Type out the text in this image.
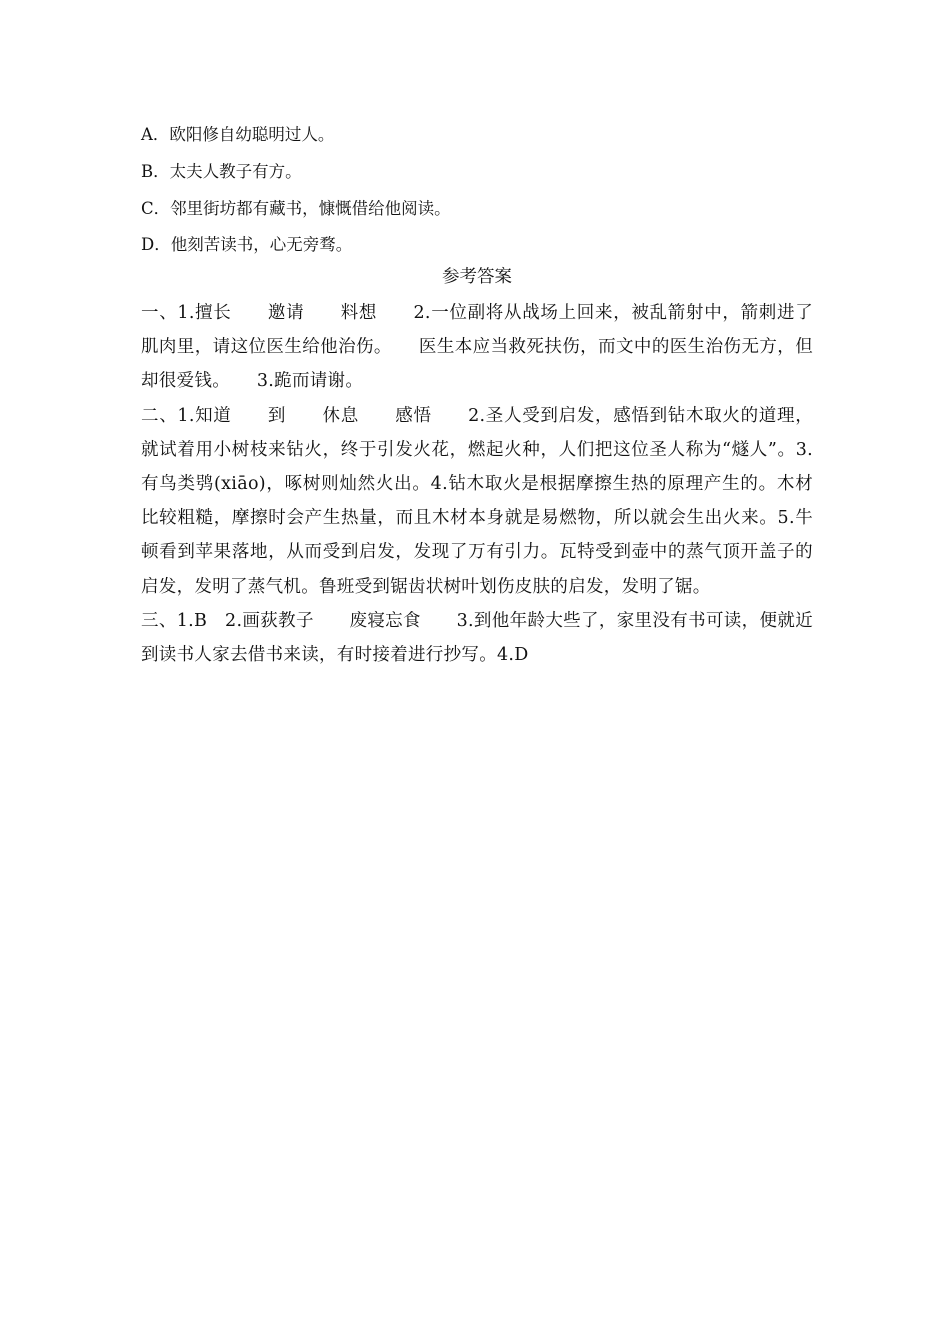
A．欧阳修自幼聪明过人。
B．太夫人教子有方。
C．邻里街坊都有藏书，慷慨借给他阅读。
D．他刻苦读书，心无旁骛。
参考答案
一、1.擅长　　邀请　　料想　　2.一位副将从战场上回来，被乱箭射中，箭刺进了肌肉里，请这位医生给他治伤。　　医生本应当救死扶伤，而文中的医生治伤无方，但却很爱钱。　　3.跪而请谢。
二、1.知道　　到　　休息　　感悟　　2.圣人受到启发，感悟到钻木取火的道理，就试着用小树枝来钻火，终于引发火花，燃起火种，人们把这位圣人称为“燧人”。3.有鸟类鸮(xiāo)，啄树则灿然火出。4.钻木取火是根据摩擦生热的原理产生的。木材比较粗糙，摩擦时会产生热量，而且木材本身就是易燃物，所以就会生出火来。5.牛顿看到苹果落地，从而受到启发，发现了万有引力。瓦特受到壶中的蒸气顶开盖子的启发，发明了蒸气机。鲁班受到锯齿状树叶划伤皮肤的启发，发明了锯。
三、1.B　2.画荻教子　　废寝忘食　　3.到他年龄大些了，家里没有书可读，便就近到读书人家去借书来读，有时接着进行抄写。4.D
